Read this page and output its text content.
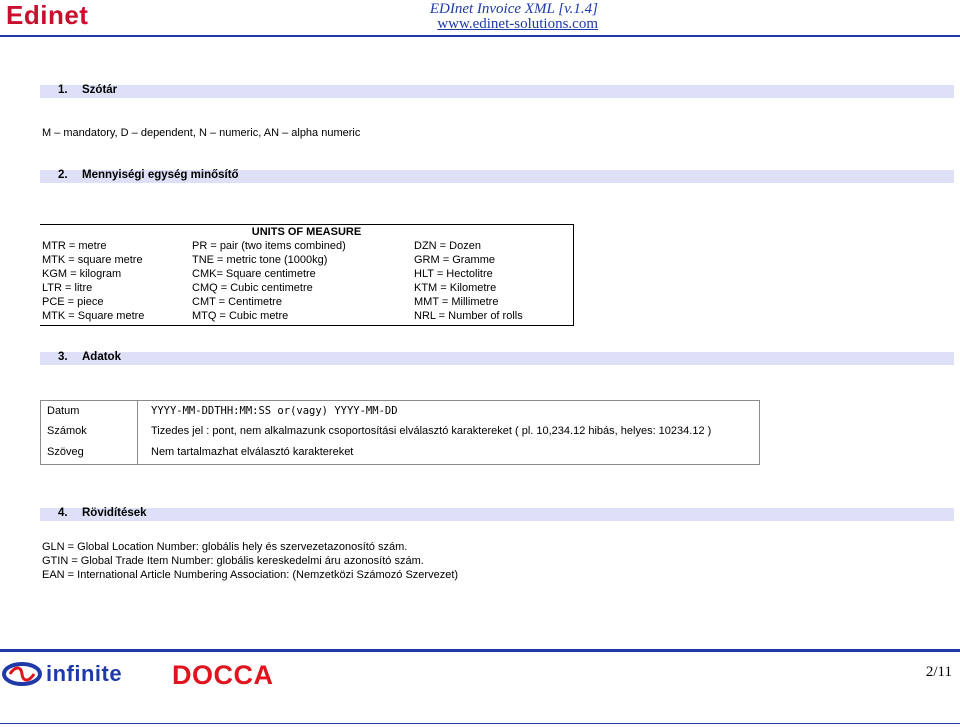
Edinet	EDInet Invoice XML [v.1.4]
www.edinet-solutions.com
1. Szótár
M – mandatory, D – dependent, N – numeric, AN – alpha numeric
2. Mennyiségi egység minősítő
UNITS OF MEASURE
MTR = metre	PR = pair (two items combined)	DZN = Dozen
MTK = square metre	TNE = metric tone (1000kg)	GRM = Gramme
KGM = kilogram	CMK= Square centimetre	HLT = Hectolitre
LTR = litre	CMQ = Cubic centimetre	KTM = Kilometre
PCE = piece	CMT = Centimetre	MMT = Millimetre
MTK = Square metre	MTQ = Cubic metre	NRL = Number of rolls
3. Adatok
Datum	YYYY-MM-DDTHH:MM:SS or(vagy) YYYY-MM-DD
Számok	Tizedes jel : pont, nem alkalmazunk csoportosítási elválasztó karaktereket ( pl. 10,234.12 hibás, helyes: 10234.12 )
Szöveg	Nem tartalmazhat elválasztó karaktereket
4. Rövidítések
GLN = Global Location Number: globális hely és szervezetazonosító szám.
GTIN = Global Trade Item Number: globális kereskedelmi áru azonosító szám.
EAN = International Article Numbering Association: (Nemzetközi Számozó Szervezet)
infinite DOCCA	2/11
